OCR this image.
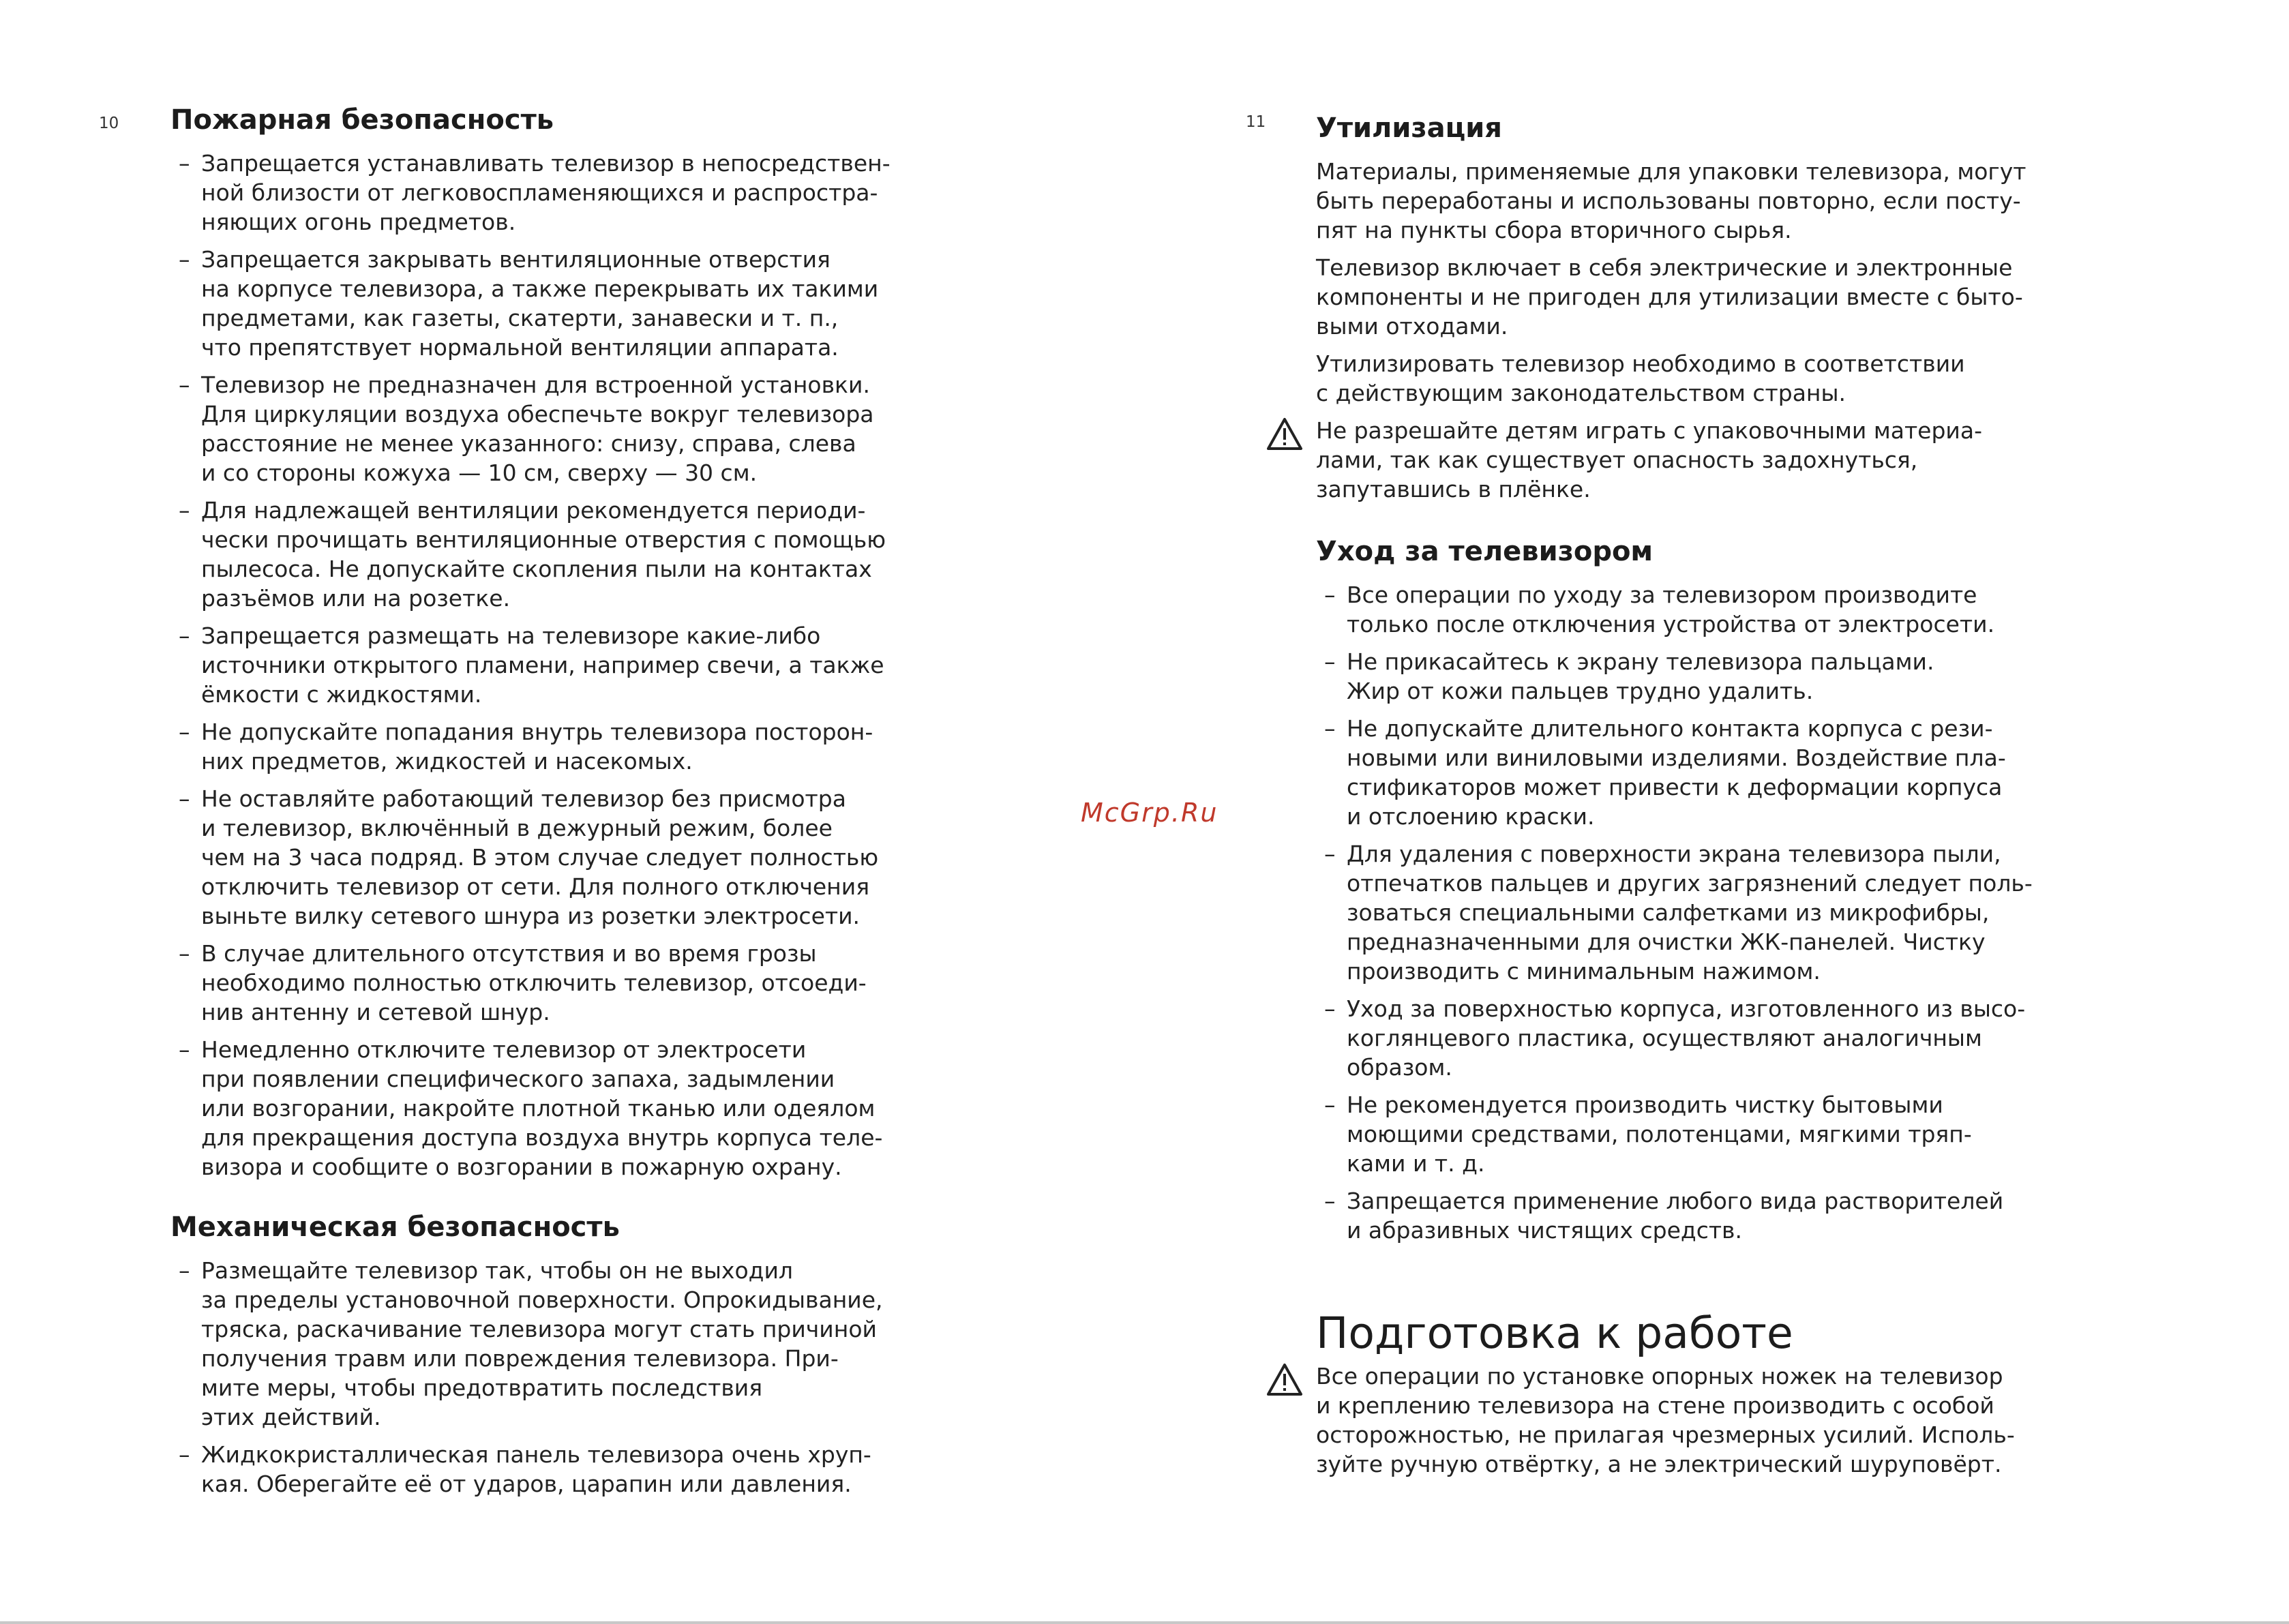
10 Пожарная безопасность
– Запрещается устанавливать телевизор в непосредствен-
ной близости от легковоспламеняющихся и распростра-
няющих огонь предметов.
– Запрещается закрывать вентиляционные отверстия
на корпусе телевизора, а также перекрывать их такими
предметами, как газеты, скатерти, занавески и т. п.,
что препятствует нормальной вентиляции аппарата.
– Телевизор не предназначен для встроенной установки.
Для циркуляции воздуха обеспечьте вокруг телевизора
расстояние не менее указанного: снизу, справа, слева
и со стороны кожуха — 10 см, сверху — 30 см.
– Для надлежащей вентиляции рекомендуется периоди-
чески прочищать вентиляционные отверстия с помощью
пылесоса. Не допускайте скопления пыли на контактах
разъёмов или на розетке.
– Запрещается размещать на телевизоре какие-либо
источники открытого пламени, например свечи, а также
ёмкости с жидкостями.
– Не допускайте попадания внутрь телевизора посторон-
них предметов, жидкостей и насекомых.
– Не оставляйте работающий телевизор без присмотра
и телевизор, включённый в дежурный режим, более
чем на 3 часа подряд. В этом случае следует полностью
отключить телевизор от сети. Для полного отключения
выньте вилку сетевого шнура из розетки электросети.
– В случае длительного отсутствия и во время грозы
необходимо полностью отключить телевизор, отсоеди-
нив антенну и сетевой шнур.
– Немедленно отключите телевизор от электросети
при появлении специфического запаха, задымлении
или возгорании, накройте плотной тканью или одеялом
для прекращения доступа воздуха внутрь корпуса теле-
визора и сообщите о возгорании в пожарную охрану.
Механическая безопасность
– Размещайте телевизор так, чтобы он не выходил
за пределы установочной поверхности. Опрокидывание,
тряска, раскачивание телевизора могут стать причиной
получения травм или повреждения телевизора. При-
мите меры, чтобы предотвратить последствия
этих действий.
– Жидкокристаллическая панель телевизора очень хруп-
кая. Оберегайте её от ударов, царапин или давления.
McGrp.Ru
11 Утилизация

Материалы, применяемые для упаковки телевизора, могут
быть переработаны и использованы повторно, если посту-
пят на пункты сбора вторичного сырья.

Телевизор включает в себя электрические и электронные
компоненты и не пригоден для утилизации вместе с быто-
выми отходами.

Утилизировать телевизор необходимо в соответствии
с действующим законодательством страны.

Не разрешайте детям играть с упаковочными материа-
лами, так как существует опасность задохнуться,
запутавшись в плёнке.

Уход за телевизором
– Все операции по уходу за телевизором производите
только после отключения устройства от электросети.
– Не прикасайтесь к экрану телевизора пальцами.
Жир от кожи пальцев трудно удалить.
– Не допускайте длительного контакта корпуса с рези-
новыми или виниловыми изделиями. Воздействие пла-
стификаторов может привести к деформации корпуса
и отслоению краски.
– Для удаления с поверхности экрана телевизора пыли,
отпечатков пальцев и других загрязнений следует поль-
зоваться специальными салфетками из микрофибры,
предназначенными для очистки ЖК-панелей. Чистку
производить с минимальным нажимом.
– Уход за поверхностью корпуса, изготовленного из высо-
коглянцевого пластика, осуществляют аналогичным
образом.
– Не рекомендуется производить чистку бытовыми
моющими средствами, полотенцами, мягкими тряп-
ками и т. д.
– Запрещается применение любого вида растворителей
и абразивных чистящих средств.
Подготовка к работе

Все операции по установке опорных ножек на телевизор
и креплению телевизора на стене производить с особой
осторожностью, не прилагая чрезмерных усилий. Исполь-
зуйте ручную отвёртку, а не электрический шуруповёрт.
